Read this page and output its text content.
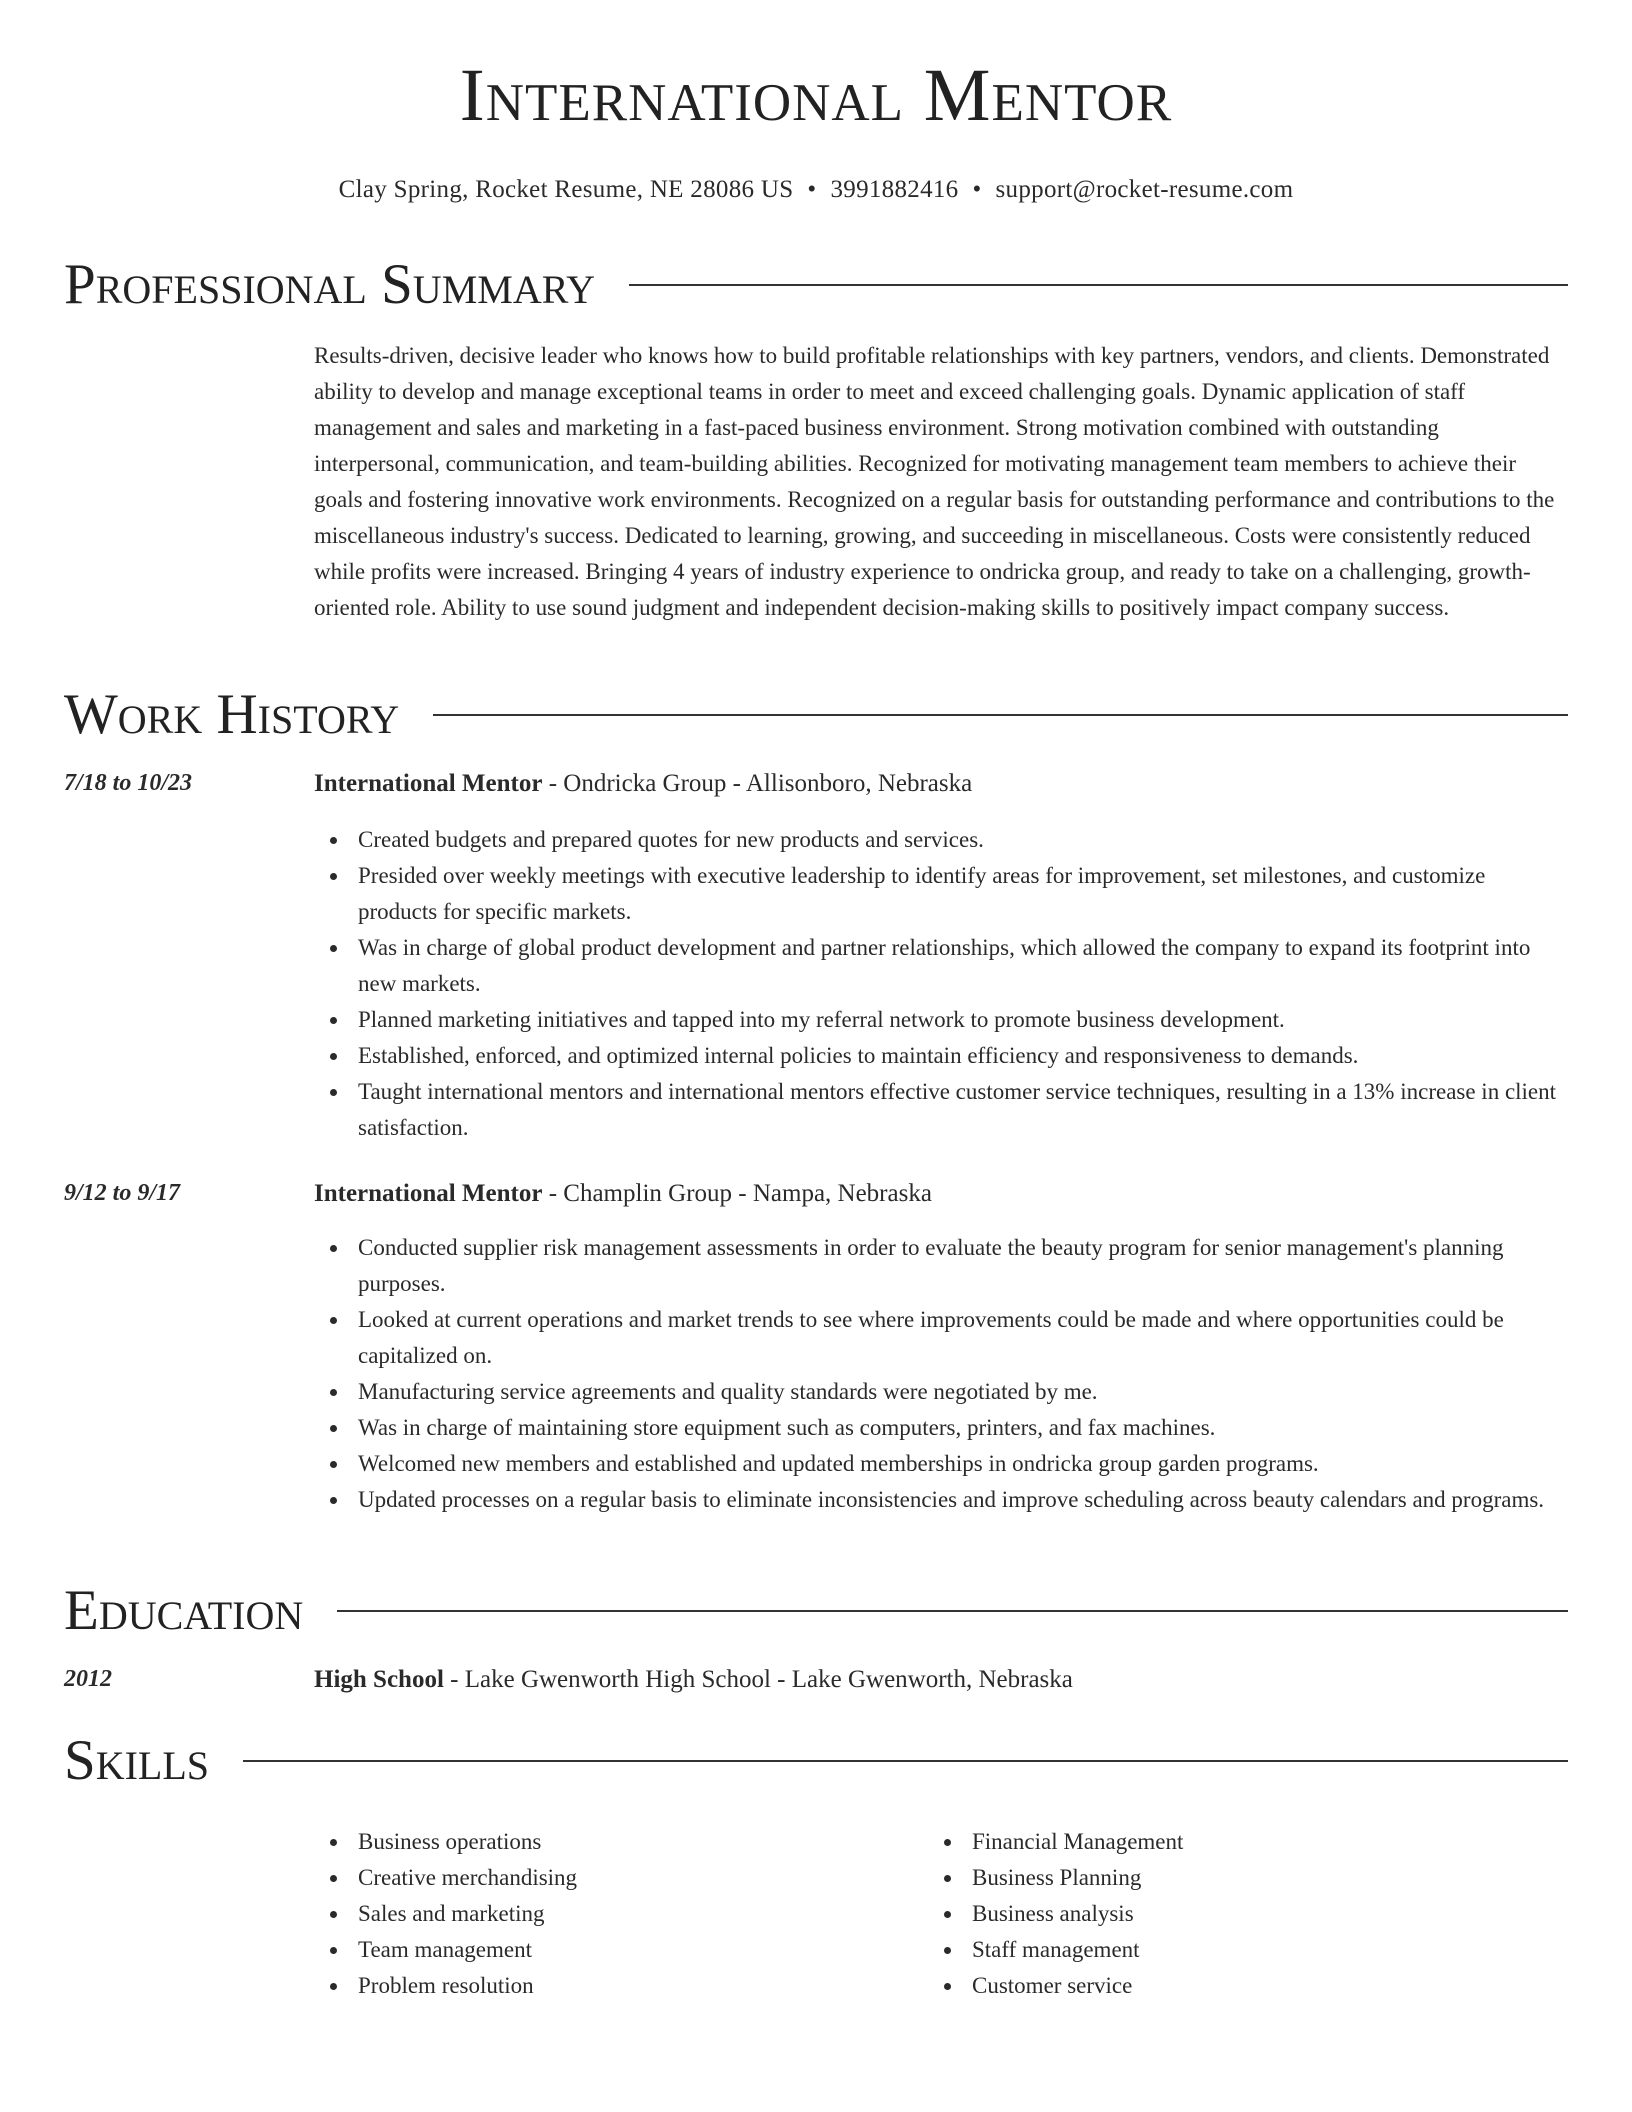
International Mentor
Clay Spring, Rocket Resume, NE 28086 US • 3991882416 • support@rocket-resume.com
Professional Summary
Results-driven, decisive leader who knows how to build profitable relationships with key partners, vendors, and clients. Demonstrated ability to develop and manage exceptional teams in order to meet and exceed challenging goals. Dynamic application of staff management and sales and marketing in a fast-paced business environment. Strong motivation combined with outstanding interpersonal, communication, and team-building abilities. Recognized for motivating management team members to achieve their goals and fostering innovative work environments. Recognized on a regular basis for outstanding performance and contributions to the miscellaneous industry's success. Dedicated to learning, growing, and succeeding in miscellaneous. Costs were consistently reduced while profits were increased. Bringing 4 years of industry experience to ondricka group, and ready to take on a challenging, growth-oriented role. Ability to use sound judgment and independent decision-making skills to positively impact company success.
Work History
7/18 to 10/23	International Mentor - Ondricka Group - Allisonboro, Nebraska
Created budgets and prepared quotes for new products and services.
Presided over weekly meetings with executive leadership to identify areas for improvement, set milestones, and customize products for specific markets.
Was in charge of global product development and partner relationships, which allowed the company to expand its footprint into new markets.
Planned marketing initiatives and tapped into my referral network to promote business development.
Established, enforced, and optimized internal policies to maintain efficiency and responsiveness to demands.
Taught international mentors and international mentors effective customer service techniques, resulting in a 13% increase in client satisfaction.
9/12 to 9/17	International Mentor - Champlin Group - Nampa, Nebraska
Conducted supplier risk management assessments in order to evaluate the beauty program for senior management's planning purposes.
Looked at current operations and market trends to see where improvements could be made and where opportunities could be capitalized on.
Manufacturing service agreements and quality standards were negotiated by me.
Was in charge of maintaining store equipment such as computers, printers, and fax machines.
Welcomed new members and established and updated memberships in ondricka group garden programs.
Updated processes on a regular basis to eliminate inconsistencies and improve scheduling across beauty calendars and programs.
Education
2012	High School - Lake Gwenworth High School - Lake Gwenworth, Nebraska
Skills
Business operations
Creative merchandising
Sales and marketing
Team management
Problem resolution
Financial Management
Business Planning
Business analysis
Staff management
Customer service
